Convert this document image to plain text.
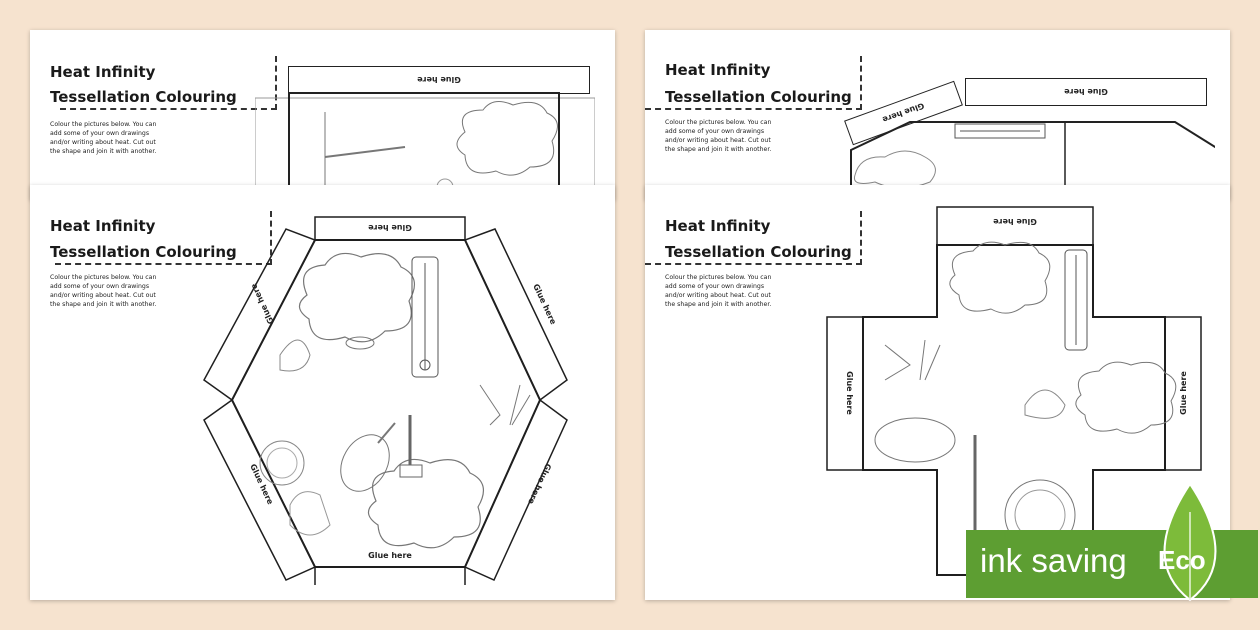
Heat Infinity
Tessellation Colouring
Colour the pictures below. You can
add some of your own drawings
and/or writing about heat. Cut out
the shape and join it with another.
Glue here
Heat Infinity
Tessellation Colouring
Colour the pictures below. You can
add some of your own drawings
and/or writing about heat. Cut out
the shape and join it with another.
Glue here
Glue here
Heat Infinity
Tessellation Colouring
Colour the pictures below. You can
add some of your own drawings
and/or writing about heat. Cut out
the shape and join it with another.
Glue here
Glue here
Glue here
Glue here
Glue here
Glue here
Heat Infinity
Tessellation Colouring
Colour the pictures below. You can
add some of your own drawings
and/or writing about heat. Cut out
the shape and join it with another.
Glue here
Glue here	Glue here
ink saving Eco
